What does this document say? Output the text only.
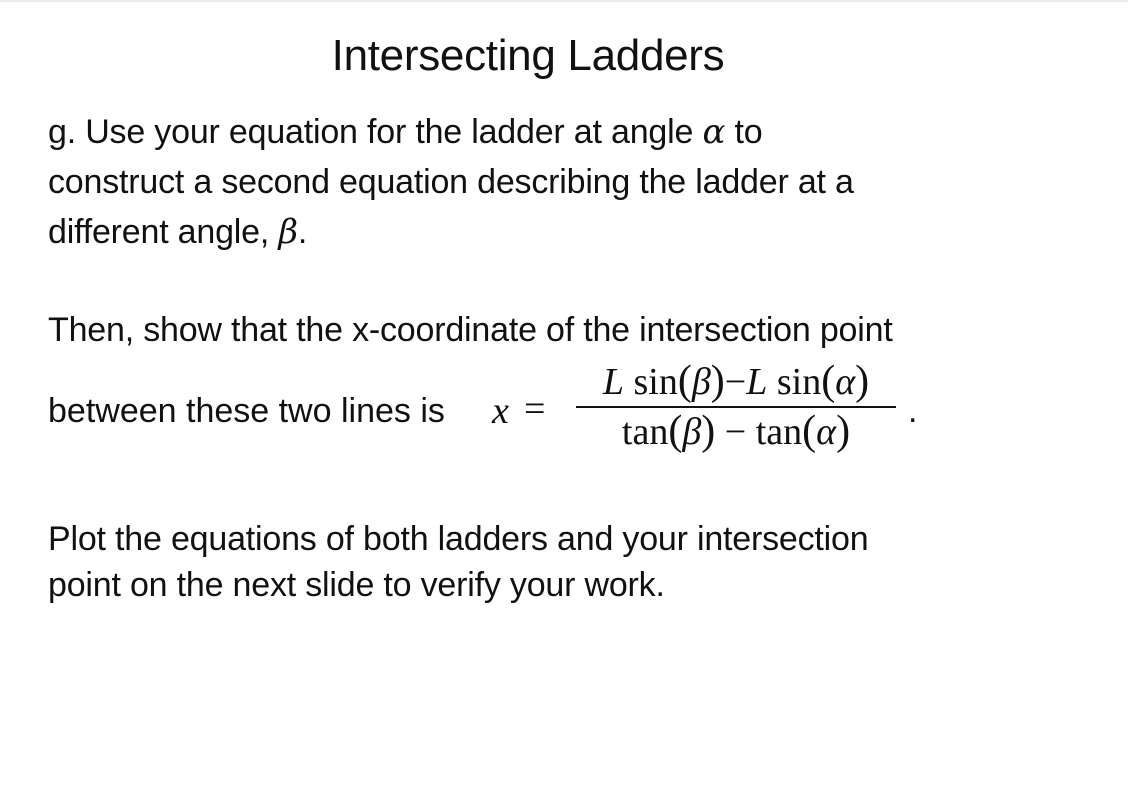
Intersecting Ladders
g. Use your equation for the ladder at angle α to
construct a second equation describing the ladder at a
different angle, β.
Then, show that the x-coordinate of the intersection point
between these two lines is x =
L sin(β)−L sin(α)
tan(β) − tan(α)	.
Plot the equations of both ladders and your intersection
point on the next slide to verify your work.
